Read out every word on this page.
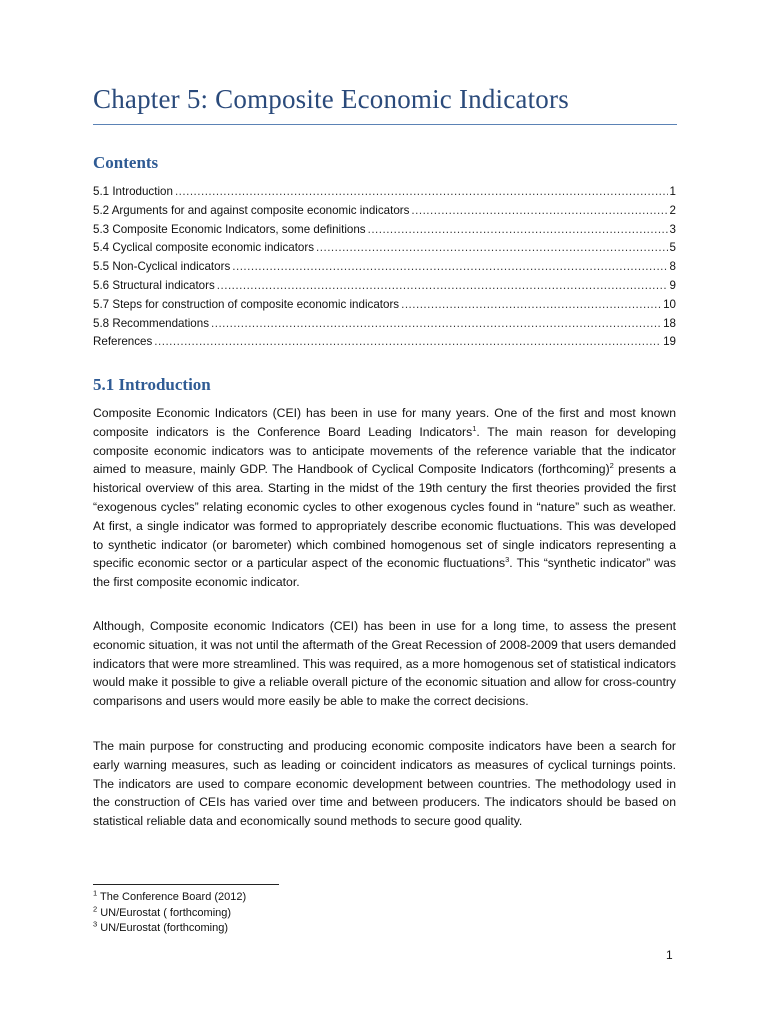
Chapter 5: Composite Economic Indicators
Contents
5.1 Introduction .....	1
5.2 Arguments for and against composite economic indicators .....	2
5.3 Composite Economic Indicators, some definitions .....	3
5.4 Cyclical composite economic indicators .....	5
5.5 Non-Cyclical indicators .....	8
5.6 Structural indicators .....	9
5.7 Steps for construction of composite economic indicators .....	10
5.8 Recommendations .....	18
References .....	19
5.1 Introduction

Composite Economic Indicators (CEI) has been in use for many years. One of the first and most known composite indicators is the Conference Board Leading Indicators$^1$. The main reason for developing composite economic indicators was to anticipate movements of the reference variable that the indicator aimed to measure, mainly GDP. The Handbook of Cyclical Composite Indicators (forthcoming)$^2$ presents a historical overview of this area. Starting in the midst of the 19th century the first theories provided the first “exogenous cycles” relating economic cycles to other exogenous cycles found in “nature” such as weather. At first, a single indicator was formed to appropriately describe economic fluctuations. This was developed to synthetic indicator (or barometer) which combined homogenous set of single indicators representing a specific economic sector or a particular aspect of the economic fluctuations$^3$. This “synthetic indicator” was the first composite economic indicator.

Although, Composite economic Indicators (CEI) has been in use for a long time, to assess the present economic situation, it was not until the aftermath of the Great Recession of 2008-2009 that users demanded indicators that were more streamlined. This was required, as a more homogenous set of statistical indicators would make it possible to give a reliable overall picture of the economic situation and allow for cross-country comparisons and users would more easily be able to make the correct decisions.

The main purpose for constructing and producing economic composite indicators have been a search for early warning measures, such as leading or coincident indicators as measures of cyclical turnings points. The indicators are used to compare economic development between countries. The methodology used in the construction of CEIs has varied over time and between producers. The indicators should be based on statistical reliable data and economically sound methods to secure good quality.

$^1$ The Conference Board (2012)
$^2$ UN/Eurostat ( forthcoming)
$^3$ UN/Eurostat (forthcoming)
1
